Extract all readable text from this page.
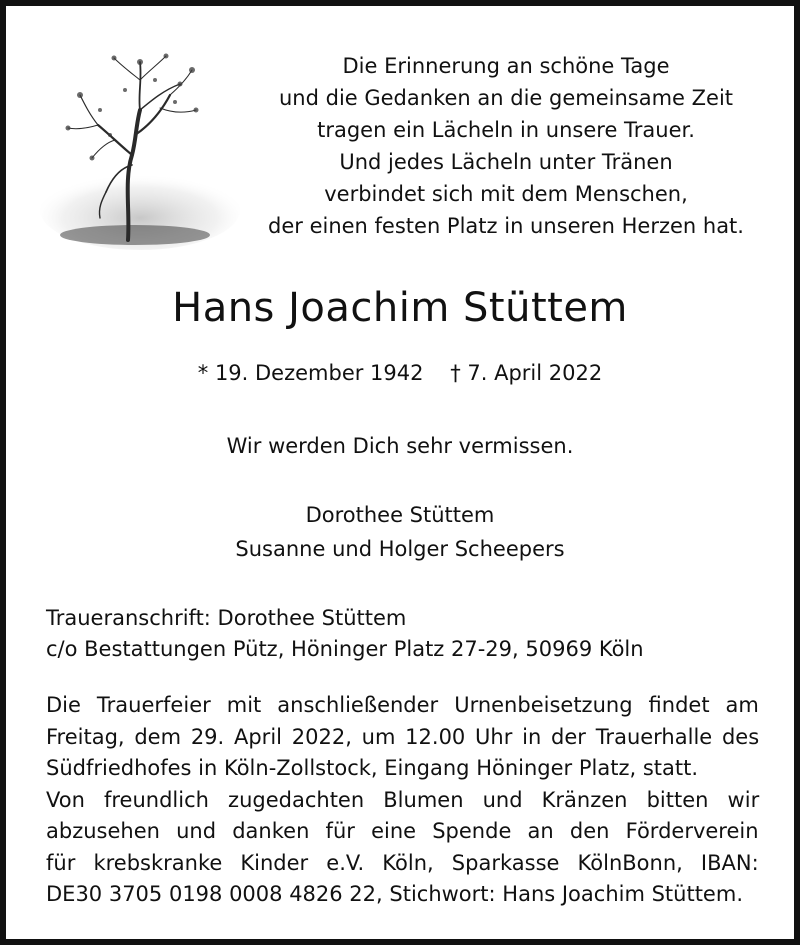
Die Erinnerung an schöne Tage
und die Gedanken an die gemeinsame Zeit
tragen ein Lächeln in unsere Trauer.
Und jedes Lächeln unter Tränen
verbindet sich mit dem Menschen,
der einen festen Platz in unseren Herzen hat.
Hans Joachim Stüttem
* 19. Dezember 1942    † 7. April 2022
Wir werden Dich sehr vermissen.
Dorothee Stüttem
Susanne und Holger Scheepers
Traueranschrift: Dorothee Stüttem
c/o Bestattungen Pütz, Höninger Platz 27-29, 50969 Köln
Die Trauerfeier mit anschließender Urnenbeisetzung findet am
Freitag, dem 29. April 2022, um 12.00 Uhr in der Trauerhalle des
Südfriedhofes in Köln-Zollstock, Eingang Höninger Platz, statt.
Von freundlich zugedachten Blumen und Kränzen bitten wir
abzusehen und danken für eine Spende an den Förderverein
für krebskranke Kinder e.V. Köln, Sparkasse KölnBonn, IBAN:
DE30 3705 0198 0008 4826 22, Stichwort: Hans Joachim Stüttem.
